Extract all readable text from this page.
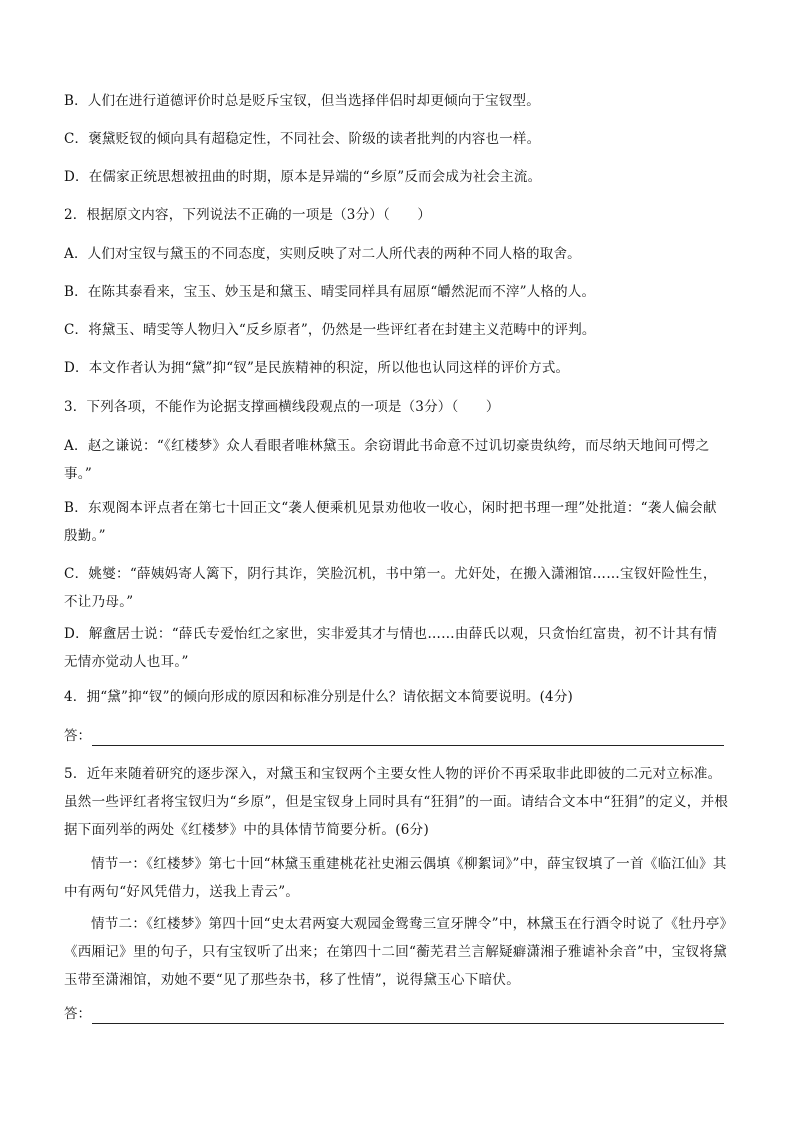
B．人们在进行道德评价时总是贬斥宝钗，但当选择伴侣时却更倾向于宝钗型。
C．褒黛贬钗的倾向具有超稳定性，不同社会、阶级的读者批判的内容也一样。
D．在儒家正统思想被扭曲的时期，原本是异端的“乡原”反而会成为社会主流。
2．根据原文内容，下列说法不正确的一项是（3分）（　　）
A．人们对宝钗与黛玉的不同态度，实则反映了对二人所代表的两种不同人格的取舍。
B．在陈其泰看来，宝玉、妙玉是和黛玉、晴雯同样具有屈原“皭然泥而不滓”人格的人。
C．将黛玉、晴雯等人物归入“反乡原者”，仍然是一些评红者在封建主义范畴中的评判。
D．本文作者认为拥“黛”抑“钗”是民族精神的积淀，所以他也认同这样的评价方式。
3．下列各项，不能作为论据支撑画横线段观点的一项是（3分）（　　）
A．赵之谦说：“《红楼梦》众人看眼者唯林黛玉。余窃谓此书命意不过讥切豪贵纨绔，而尽纳天地间可愕之事。”
B．东观阁本评点者在第七十回正文“袭人便乘机见景劝他收一收心，闲时把书理一理”处批道：“袭人偏会献殷勤。”
C．姚燮：“薛姨妈寄人篱下，阴行其诈，笑脸沉机，书中第一。尤奸处，在搬入潇湘馆……宝钗奸险性生，不让乃母。”
D．解盦居士说：“薛氏专爱怡红之家世，实非爱其才与情也……由薛氏以观，只贪怡红富贵，初不计其有情无情亦觉动人也耳。”
4．拥“黛”抑“钗”的倾向形成的原因和标准分别是什么？请依据文本简要说明。(4分)
答：
5．近年来随着研究的逐步深入，对黛玉和宝钗两个主要女性人物的评价不再采取非此即彼的二元对立标准。虽然一些评红者将宝钗归为“乡原”，但是宝钗身上同时具有“狂狷”的一面。请结合文本中“狂狷”的定义，并根据下面列举的两处《红楼梦》中的具体情节简要分析。(6分)
情节一：《红楼梦》第七十回“林黛玉重建桃花社史湘云偶填《柳絮词》”中，薛宝钗填了一首《临江仙》其中有两句“好风凭借力，送我上青云”。
情节二：《红楼梦》第四十回“史太君两宴大观园金鸳鸯三宣牙牌令”中，林黛玉在行酒令时说了《牡丹亭》《西厢记》里的句子，只有宝钗听了出来；在第四十二回“蘅芜君兰言解疑癖潇湘子雅谑补余音”中，宝钗将黛玉带至潇湘馆，劝她不要“见了那些杂书，移了性情”，说得黛玉心下暗伏。
答：
